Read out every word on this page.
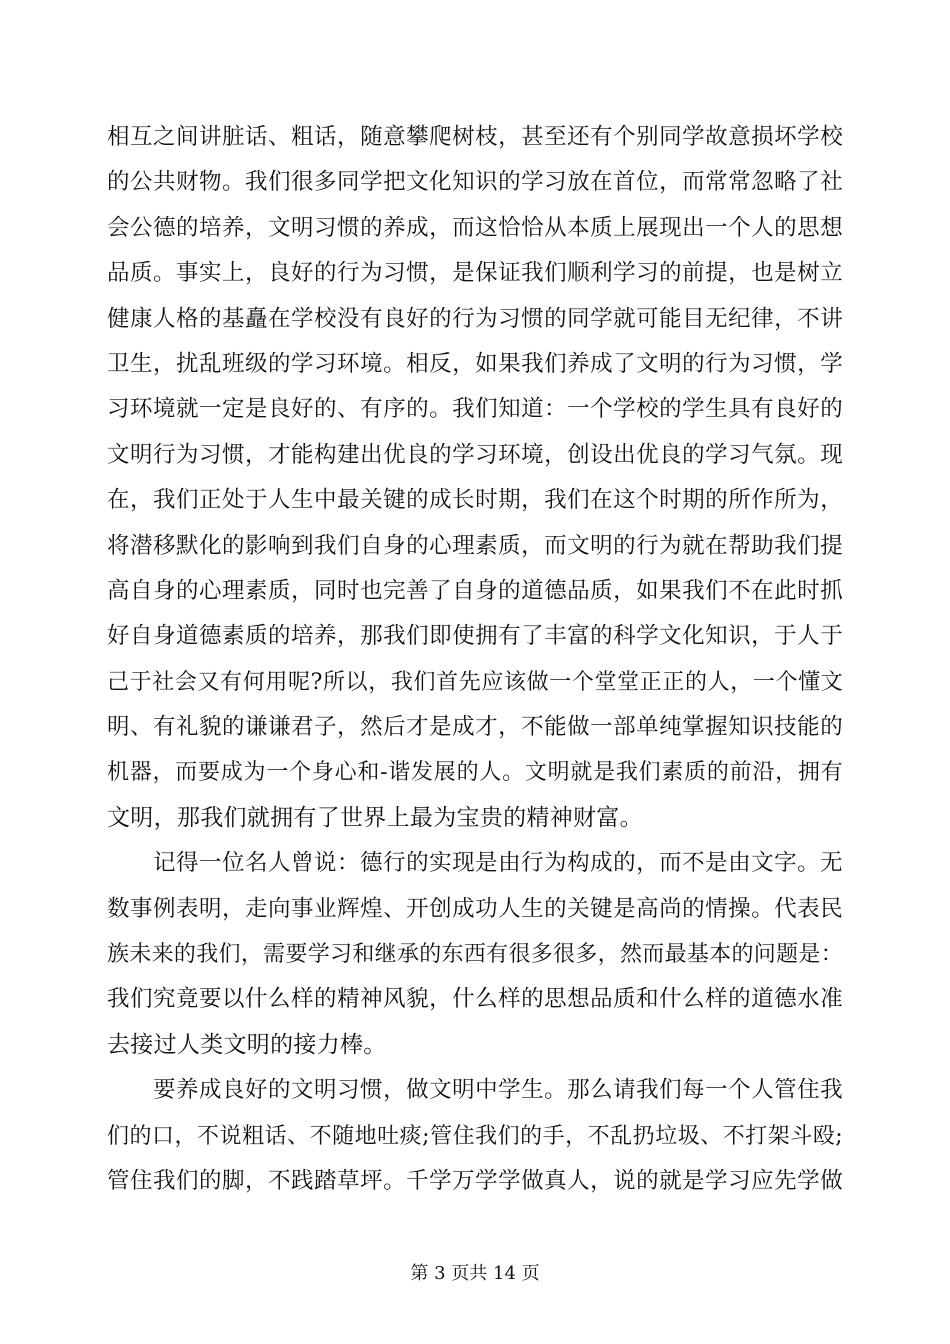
相互之间讲脏话、粗话，随意攀爬树枝，甚至还有个别同学故意损坏学校
的公共财物。我们很多同学把文化知识的学习放在首位，而常常忽略了社
会公德的培养，文明习惯的养成，而这恰恰从本质上展现出一个人的思想
品质。事实上，良好的行为习惯，是保证我们顺利学习的前提，也是树立
健康人格的基矗在学校没有良好的行为习惯的同学就可能目无纪律，不讲
卫生，扰乱班级的学习环境。相反，如果我们养成了文明的行为习惯，学
习环境就一定是良好的、有序的。我们知道：一个学校的学生具有良好的
文明行为习惯，才能构建出优良的学习环境，创设出优良的学习气氛。现
在，我们正处于人生中最关键的成长时期，我们在这个时期的所作所为，
将潜移默化的影响到我们自身的心理素质，而文明的行为就在帮助我们提
高自身的心理素质，同时也完善了自身的道德品质，如果我们不在此时抓
好自身道德素质的培养，那我们即使拥有了丰富的科学文化知识，于人于
己于社会又有何用呢?所以，我们首先应该做一个堂堂正正的人，一个懂文
明、有礼貌的谦谦君子，然后才是成才，不能做一部单纯掌握知识技能的
机器，而要成为一个身心和-谐发展的人。文明就是我们素质的前沿，拥有
文明，那我们就拥有了世界上最为宝贵的精神财富。
记得一位名人曾说：德行的实现是由行为构成的，而不是由文字。无
数事例表明，走向事业辉煌、开创成功人生的关键是高尚的情操。代表民
族未来的我们，需要学习和继承的东西有很多很多，然而最基本的问题是：
我们究竟要以什么样的精神风貌，什么样的思想品质和什么样的道德水准
去接过人类文明的接力棒。
要养成良好的文明习惯，做文明中学生。那么请我们每一个人管住我
们的口，不说粗话、不随地吐痰;管住我们的手，不乱扔垃圾、不打架斗殴;
管住我们的脚，不践踏草坪。千学万学学做真人，说的就是学习应先学做
第 3 页共 14 页
